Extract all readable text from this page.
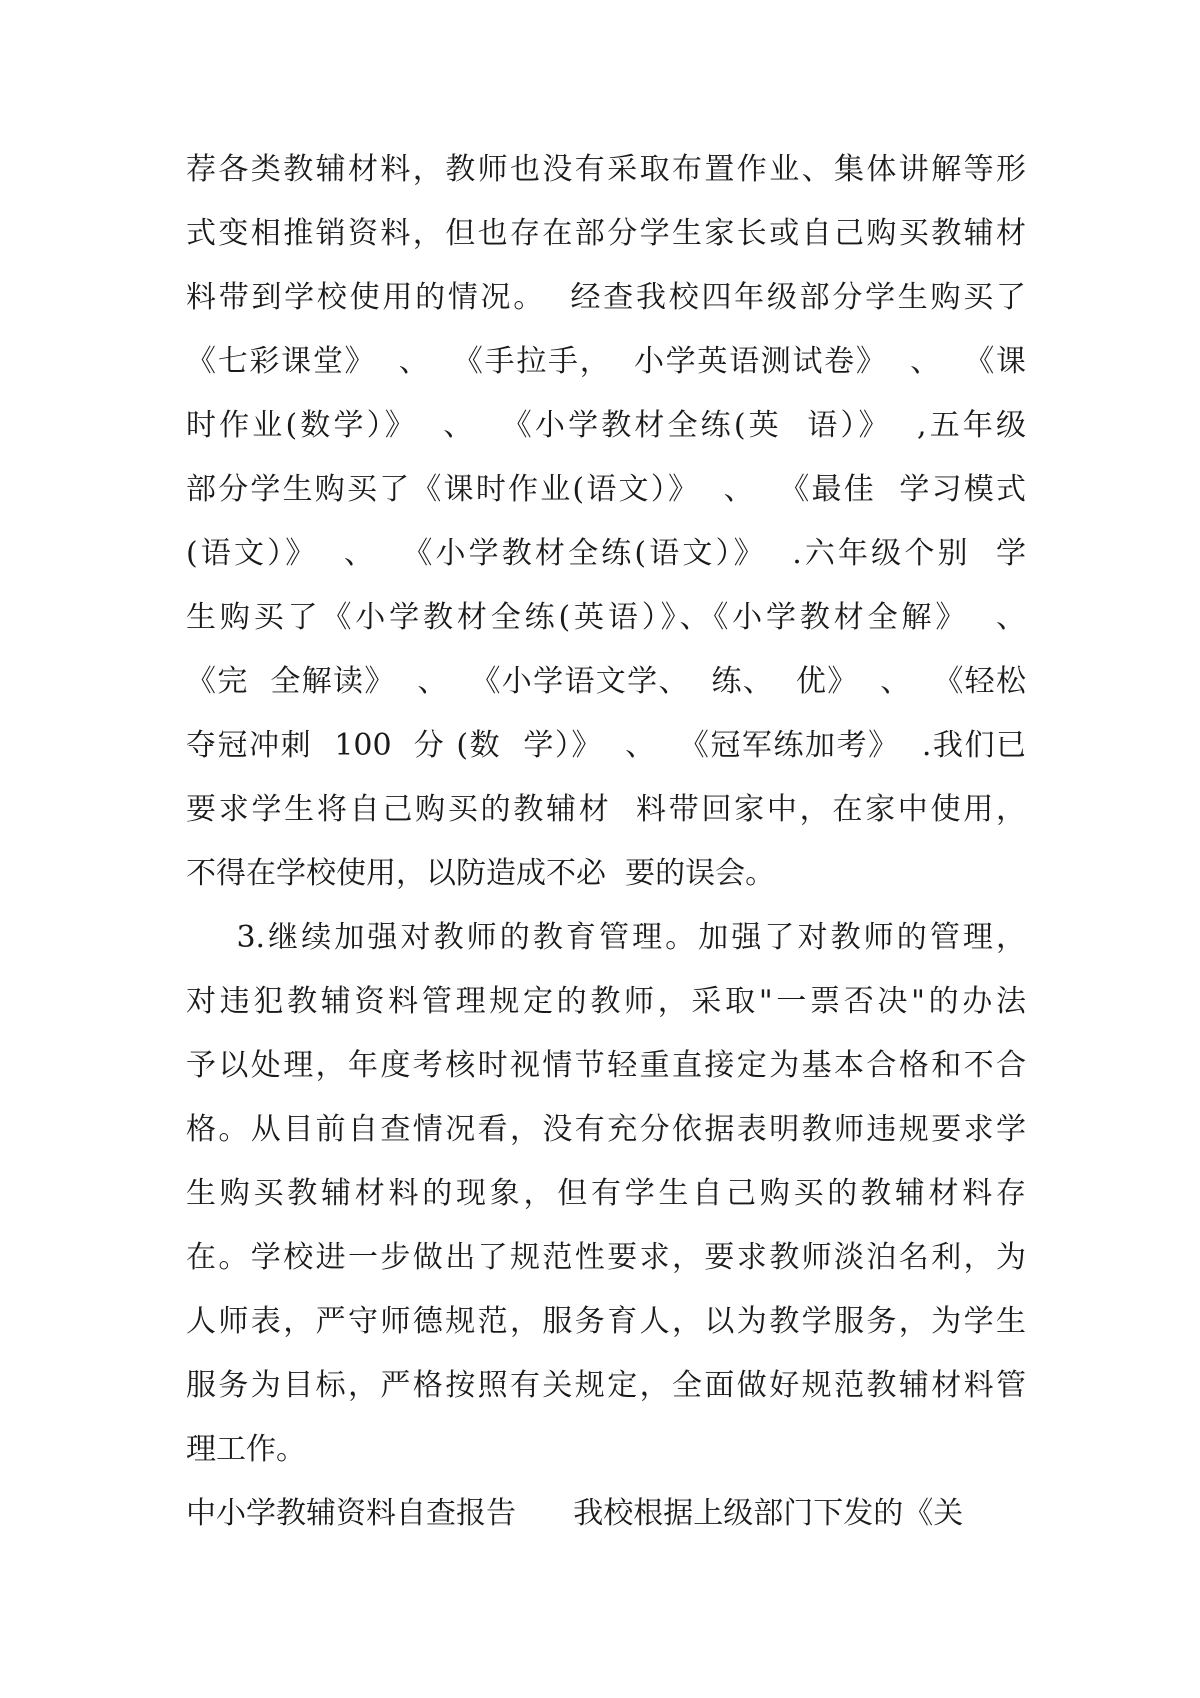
荐各类教辅材料，教师也没有采取布置作业、集体讲解等形
式变相推销资料，但也存在部分学生家长或自己购买教辅材
料带到学校使用的情况。  经查我校四年级部分学生购买了
《七彩课堂》  、  《手拉手，  小学英语测试卷》  、  《课
时作业(数学）》  、  《小学教材全练(英  语）》  ,五年级
部分学生购买了《课时作业(语文）》  、  《最佳  学习模式
(语文）》  、  《小学教材全练(语文）》  .六年级个别  学
生购买了《小学教材全练(英语）》、《小学教材全解》  、
《完  全解读》  、  《小学语文学、  练、  优》  、  《轻松
夺冠冲刺  100  分 (数  学）》  、  《冠军练加考》  .我们已
要求学生将自己购买的教辅材  料带回家中，在家中使用，
不得在学校使用，以防造成不必  要的误会。
3.继续加强对教师的教育管理。加强了对教师的管理，
对违犯教辅资料管理规定的教师，采取"一票否决"的办法
予以处理，年度考核时视情节轻重直接定为基本合格和不合
格。从目前自查情况看，没有充分依据表明教师违规要求学
生购买教辅材料的现象，但有学生自己购买的教辅材料存
在。学校进一步做出了规范性要求，要求教师淡泊名利，为
人师表，严守师德规范，服务育人，以为教学服务，为学生
服务为目标，严格按照有关规定，全面做好规范教辅材料管
理工作。
中小学教辅资料自查报告      我校根据上级部门下发的《关
